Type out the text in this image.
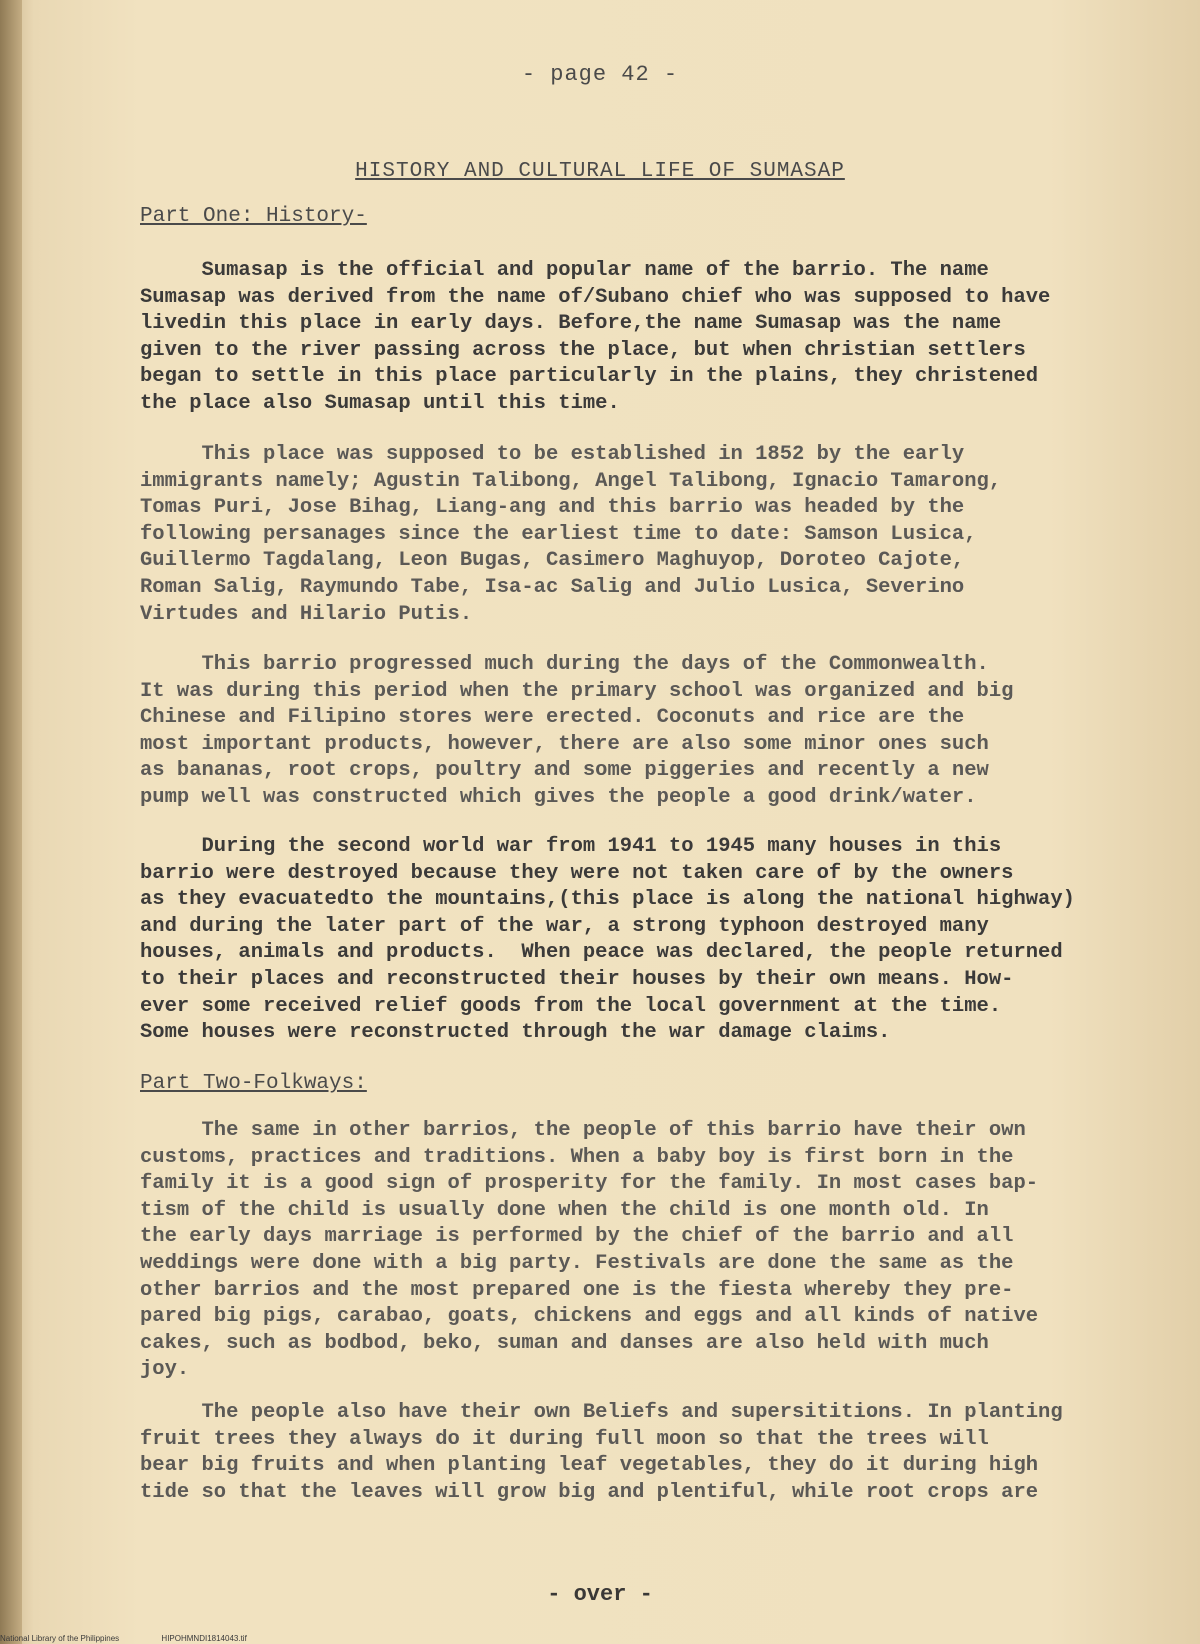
- page 42 -
HISTORY AND CULTURAL LIFE OF SUMASAP
Part One: History-

Sumasap is the official and popular name of the barrio. The name

Sumasap was derived from the name of/Subano chief who was supposed to have

livedin this place in early days. Before,the name Sumasap was the name

given to the river passing across the place, but when christian settlers

began to settle in this place particularly in the plains, they christened

the place also Sumasap until this time.

This place was supposed to be established in 1852 by the early

immigrants namely; Agustin Talibong, Angel Talibong, Ignacio Tamarong,

Tomas Puri, Jose Bihag, Liang-ang and this barrio was headed by the

following persanages since the earliest time to date: Samson Lusica,

Guillermo Tagdalang, Leon Bugas, Casimero Maghuyop, Doroteo Cajote,

Roman Salig, Raymundo Tabe, Isa-ac Salig and Julio Lusica, Severino

Virtudes and Hilario Putis.

This barrio progressed much during the days of the Commonwealth.

It was during this period when the primary school was organized and big

Chinese and Filipino stores were erected. Coconuts and rice are the

most important products, however, there are also some minor ones such

as bananas, root crops, poultry and some piggeries and recently a new

pump well was constructed which gives the people a good drink/water.

During the second world war from 1941 to 1945 many houses in this

barrio were destroyed because they were not taken care of by the owners

as they evacuatedto the mountains,(this place is along the national highway)

and during the later part of the war, a strong typhoon destroyed many

houses, animals and products.  When peace was declared, the people returned

to their places and reconstructed their houses by their own means. How-

ever some received relief goods from the local government at the time.

Some houses were reconstructed through the war damage claims.

Part Two-Folkways:

The same in other barrios, the people of this barrio have their own

customs, practices and traditions. When a baby boy is first born in the

family it is a good sign of prosperity for the family. In most cases bap-

tism of the child is usually done when the child is one month old. In

the early days marriage is performed by the chief of the barrio and all

weddings were done with a big party. Festivals are done the same as the

other barrios and the most prepared one is the fiesta whereby they pre-

pared big pigs, carabao, goats, chickens and eggs and all kinds of native

cakes, such as bodbod, beko, suman and danses are also held with much

joy.

The people also have their own Beliefs and supersititions. In planting

fruit trees they always do it during full moon so that the trees will

bear big fruits and when planting leaf vegetables, they do it during high

tide so that the leaves will grow big and plentiful, while root crops are

- over -
National Library of the Philippines	HIPOHMNDI1814043.tif
